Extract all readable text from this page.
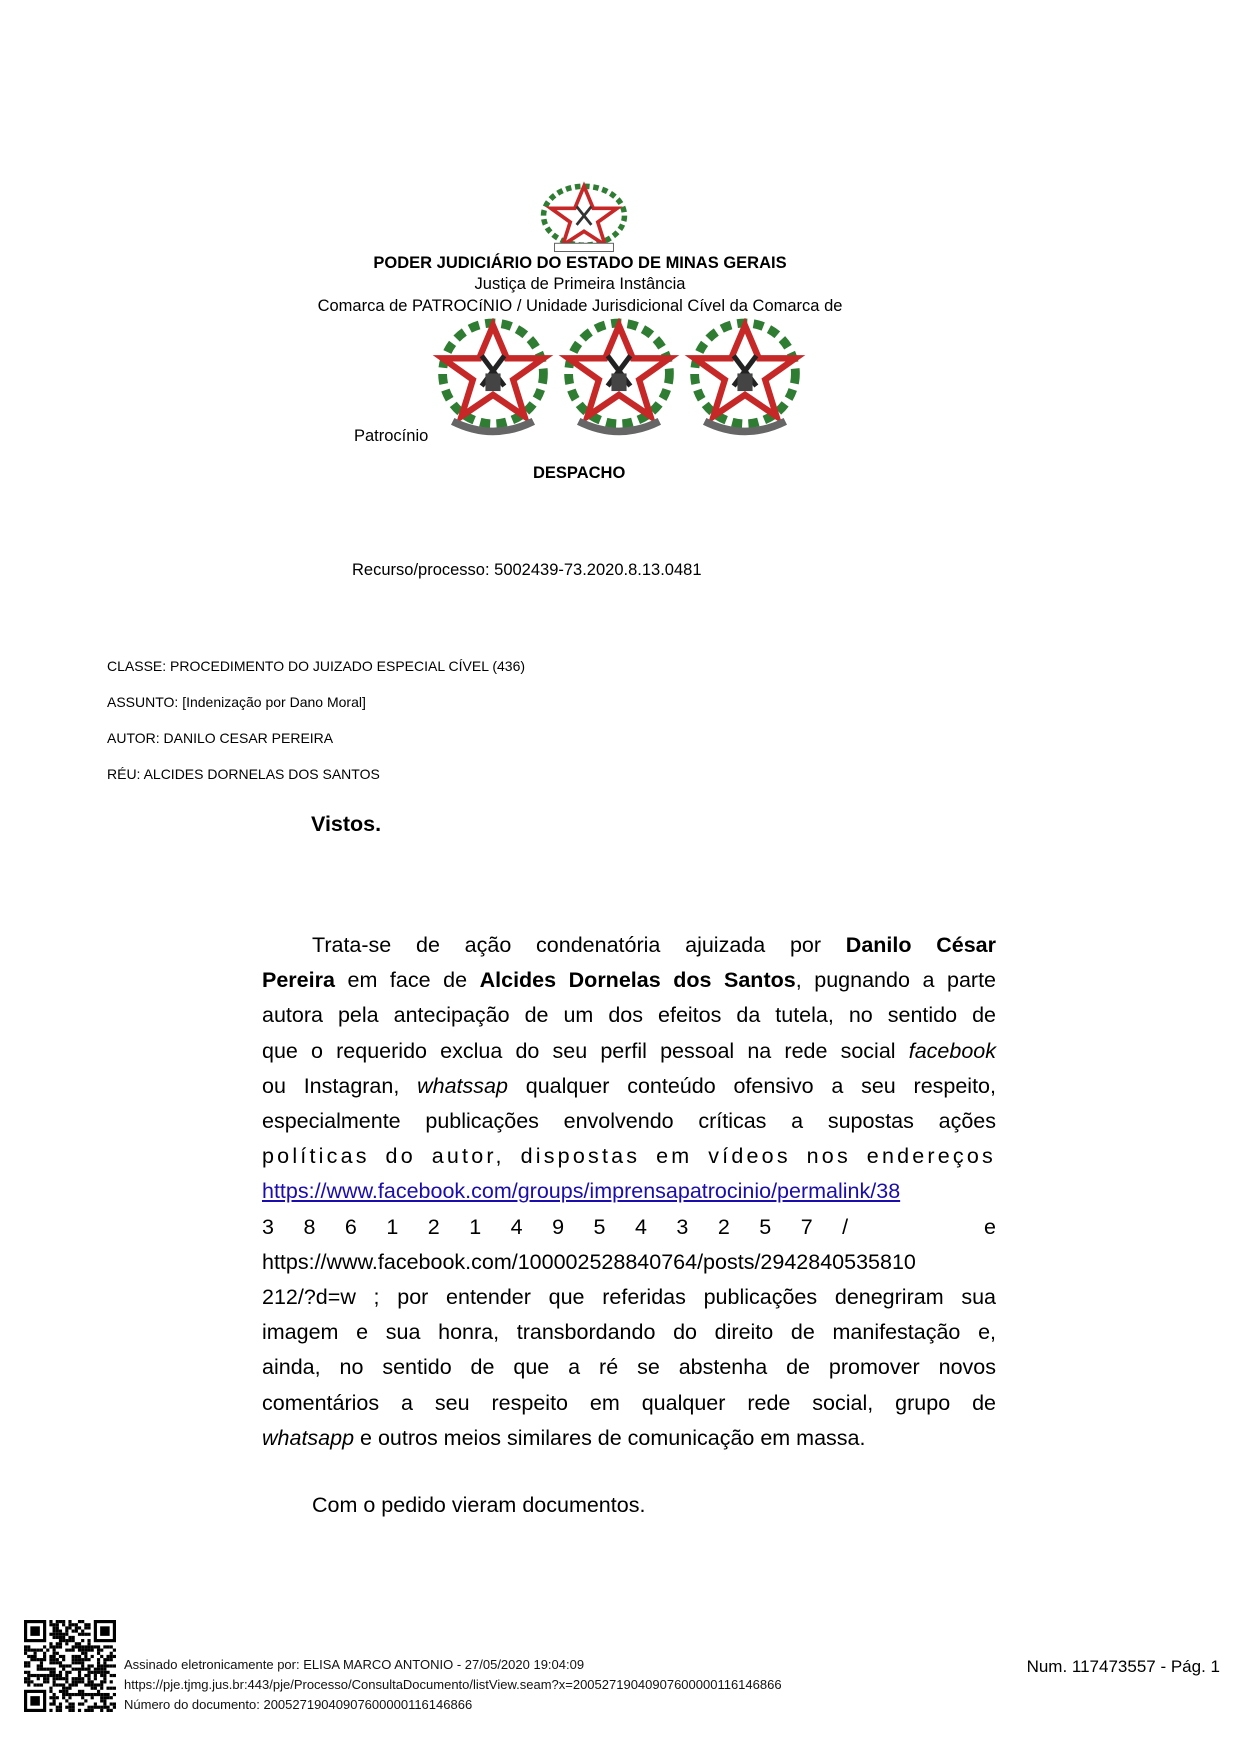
PODER JUDICIÁRIO DO ESTADO DE MINAS GERAIS
Justiça de Primeira Instância
Comarca de PATROCíNIO / Unidade Jurisdicional Cível da Comarca de
Patrocínio
DESPACHO
Recurso/processo: 5002439-73.2020.8.13.0481
CLASSE: PROCEDIMENTO DO JUIZADO ESPECIAL CÍVEL (436)
ASSUNTO: [Indenização por Dano Moral]
AUTOR: DANILO CESAR PEREIRA
RÉU: ALCIDES DORNELAS DOS SANTOS
Vistos.
Trata-se de ação condenatória ajuizada por Danilo César
Pereira em face de Alcides Dornelas dos Santos, pugnando a parte
autora pela antecipação de um dos efeitos da tutela, no sentido de
que o requerido exclua do seu perfil pessoal na rede social facebook
ou Instagran, whatssap qualquer conteúdo ofensivo a seu respeito,
especialmente publicações envolvendo críticas a supostas ações
políticas do autor, dispostas em vídeos nos endereços
https://www.facebook.com/groups/imprensapatrocinio/permalink/38
3 8 6 1 2 1 4 9 5 4 3 2 5 7 /

	e
https://www.facebook.com/100002528840764/posts/2942840535810
212/?d=w ; por entender que referidas publicações denegriram sua
imagem e sua honra, transbordando do direito de manifestação e,
ainda, no sentido de que a ré se abstenha de promover novos
comentários a seu respeito em qualquer rede social, grupo de
whatsapp e outros meios similares de comunicação em massa.
Com o pedido vieram documentos.
Assinado eletronicamente por: ELISA MARCO ANTONIO - 27/05/2020 19:04:09
https://pje.tjmg.jus.br:443/pje/Processo/ConsultaDocumento/listView.seam?x=20052719040907600000116146866
Número do documento: 20052719040907600000116146866
Num. 117473557 - Pág. 1
